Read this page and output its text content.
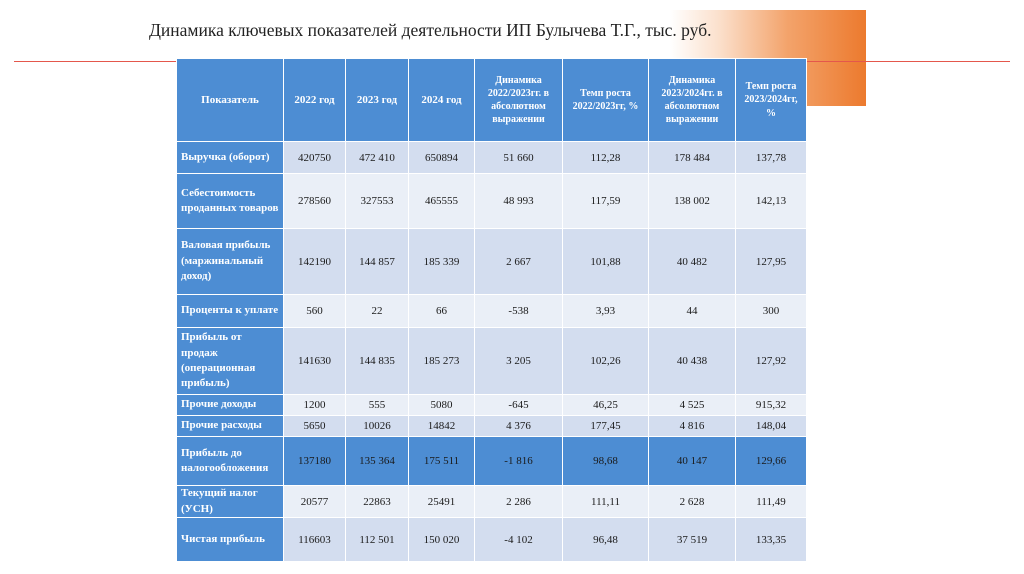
Динамика ключевых показателей деятельности ИП Булычева Т.Г., тыс. руб.
Показатель	2022 год	2023 год	2024 год	Динамика 2022/2023гг. в абсолютном выражении	Темп роста 2022/2023гг, %	Динамика 2023/2024гг. в абсолютном выражении	Темп роста 2023/2024гг, %
Выручка (оборот)	420750	472 410	650894	51 660	112,28	178 484	137,78
Себестоимость проданных товаров	278560	327553	465555	48 993	117,59	138 002	142,13
Валовая прибыль (маржинальный доход)	142190	144 857	185 339	2 667	101,88	40 482	127,95
Проценты к уплате	560	22	66	-538	3,93	44	300
Прибыль от продаж (операционная прибыль)	141630	144 835	185 273	3 205	102,26	40 438	127,92
Прочие доходы	1200	555	5080	-645	46,25	4 525	915,32
Прочие расходы	5650	10026	14842	4 376	177,45	4 816	148,04
Прибыль до налогообложения	137180	135 364	175 511	-1 816	98,68	40 147	129,66
Текущий налог (УСН)	20577	22863	25491	2 286	111,11	2 628	111,49
Чистая прибыль	116603	112 501	150 020	-4 102	96,48	37 519	133,35
